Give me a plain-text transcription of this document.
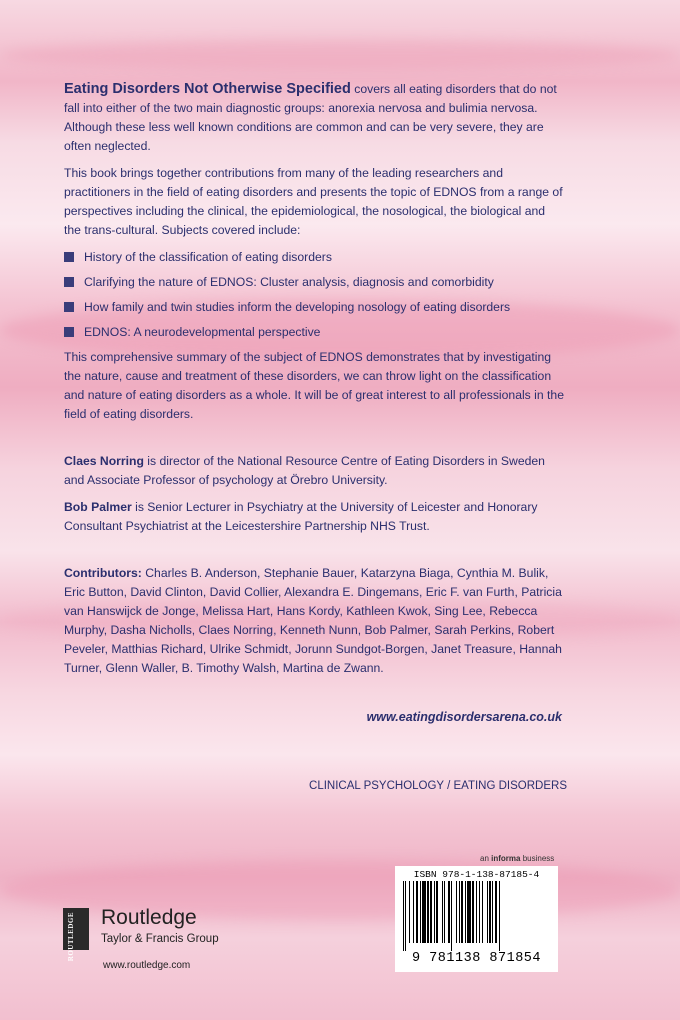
Eating Disorders Not Otherwise Specified covers all eating disorders that do not fall into either of the two main diagnostic groups: anorexia nervosa and bulimia nervosa. Although these less well known conditions are common and can be very severe, they are often neglected.

This book brings together contributions from many of the leading researchers and practitioners in the field of eating disorders and presents the topic of EDNOS from a range of perspectives including the clinical, the epidemiological, the nosological, the biological and the trans-cultural. Subjects covered include:

History of the classification of eating disorders
Clarifying the nature of EDNOS: Cluster analysis, diagnosis and comorbidity
How family and twin studies inform the developing nosology of eating disorders
EDNOS: A neurodevelopmental perspective

This comprehensive summary of the subject of EDNOS demonstrates that by investigating the nature, cause and treatment of these disorders, we can throw light on the classification and nature of eating disorders as a whole. It will be of great interest to all professionals in the field of eating disorders.

Claes Norring is director of the National Resource Centre of Eating Disorders in Sweden and Associate Professor of psychology at Örebro University.

Bob Palmer is Senior Lecturer in Psychiatry at the University of Leicester and Honorary Consultant Psychiatrist at the Leicestershire Partnership NHS Trust.

Contributors: Charles B. Anderson, Stephanie Bauer, Katarzyna Biaga, Cynthia M. Bulik, Eric Button, David Clinton, David Collier, Alexandra E. Dingemans, Eric F. van Furth, Patricia van Hanswijck de Jonge, Melissa Hart, Hans Kordy, Kathleen Kwok, Sing Lee, Rebecca Murphy, Dasha Nicholls, Claes Norring, Kenneth Nunn, Bob Palmer, Sarah Perkins, Robert Peveler, Matthias Richard, Ulrike Schmidt, Jorunn Sundgot-Borgen, Janet Treasure, Hannah Turner, Glenn Waller, B. Timothy Walsh, Martina de Zwann.

www.eatingdisordersarena.co.uk
CLINICAL PSYCHOLOGY / EATING DISORDERS
an informa business
ISBN 978-1-138-87185-4
9 781138 871854
ROUTLEDGE Routledge
Taylor & Francis Group
www.routledge.com
